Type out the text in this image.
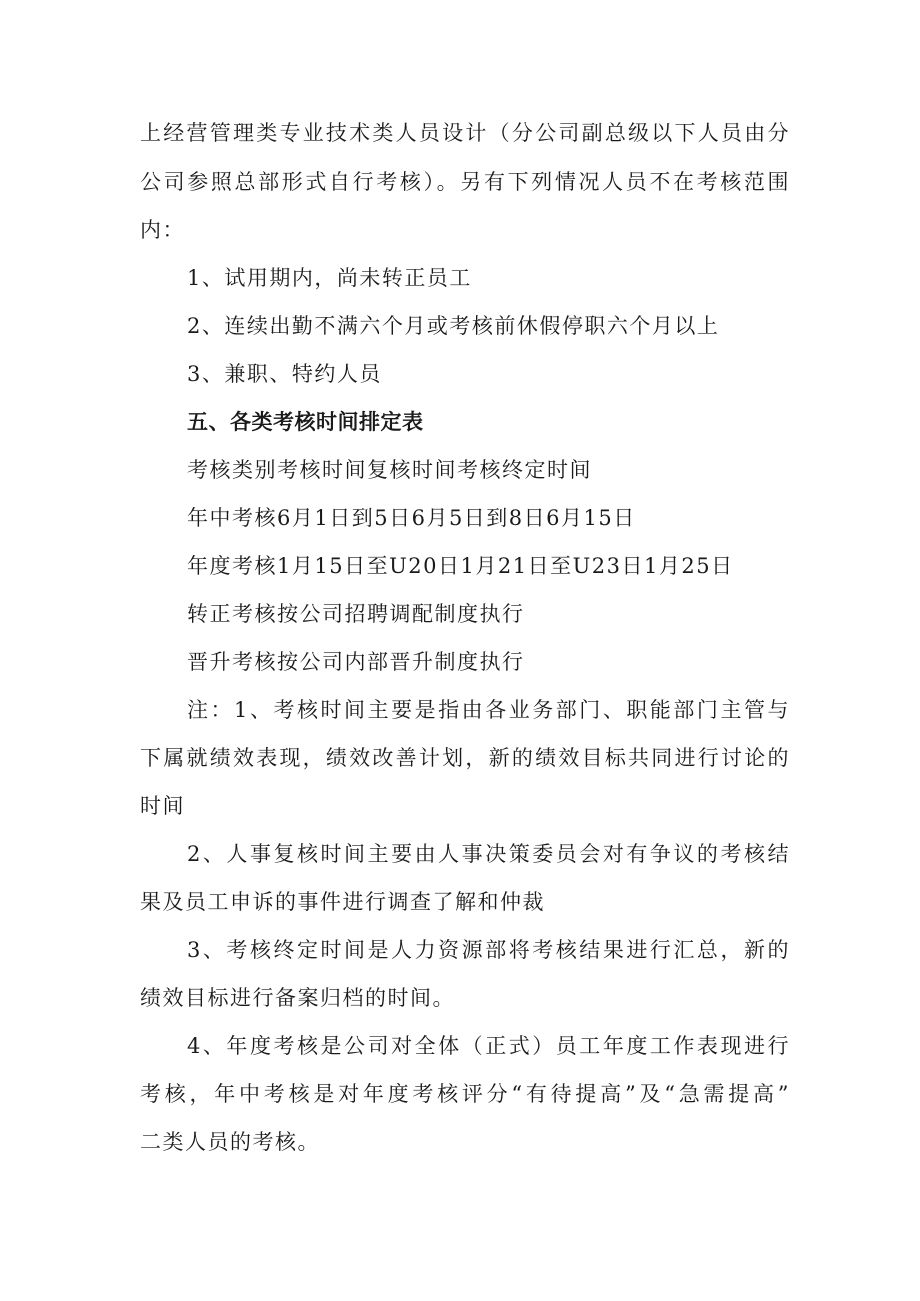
上经营管理类专业技术类人员设计（分公司副总级以下人员由分
公司参照总部形式自行考核）。另有下列情况人员不在考核范围
内：
1、试用期内，尚未转正员工
2、连续出勤不满六个月或考核前休假停职六个月以上
3、兼职、特约人员
五、各类考核时间排定表
考核类别考核时间复核时间考核终定时间
年中考核6月1日到5日6月5日到8日6月15日
年度考核1月15日至U20日1月21日至U23日1月25日
转正考核按公司招聘调配制度执行
晋升考核按公司内部晋升制度执行
注：1、考核时间主要是指由各业务部门、职能部门主管与
下属就绩效表现，绩效改善计划，新的绩效目标共同进行讨论的
时间
2、人事复核时间主要由人事决策委员会对有争议的考核结
果及员工申诉的事件进行调查了解和仲裁
3、考核终定时间是人力资源部将考核结果进行汇总，新的
绩效目标进行备案归档的时间。
4、年度考核是公司对全体（正式）员工年度工作表现进行
考核，年中考核是对年度考核评分“有待提高”及“急需提高”
二类人员的考核。
